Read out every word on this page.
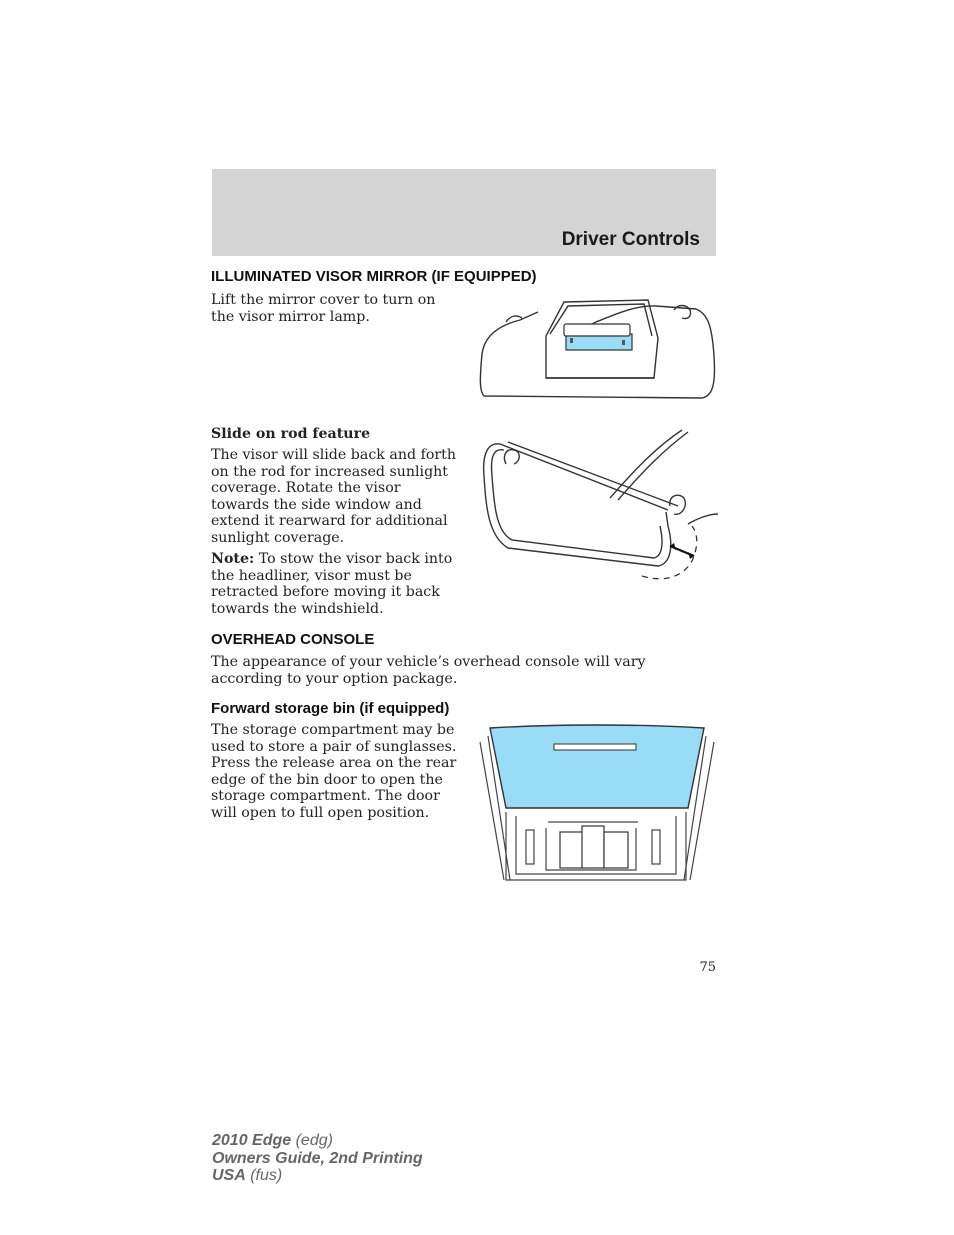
Driver Controls
ILLUMINATED VISOR MIRROR (IF EQUIPPED)

Lift the mirror cover to turn on the visor mirror lamp.

Slide on rod feature

The visor will slide back and forth on the rod for increased sunlight coverage. Rotate the visor towards the side window and extend it rearward for additional sunlight coverage.

Note: To stow the visor back into the headliner, visor must be retracted before moving it back towards the windshield.

OVERHEAD CONSOLE

The appearance of your vehicle’s overhead console will vary according to your option package.

Forward storage bin (if equipped)

The storage compartment may be used to store a pair of sunglasses. Press the release area on the rear edge of the bin door to open the storage compartment. The door will open to full open position.

75
2010 Edge (edg)
Owners Guide, 2nd Printing
USA (fus)
